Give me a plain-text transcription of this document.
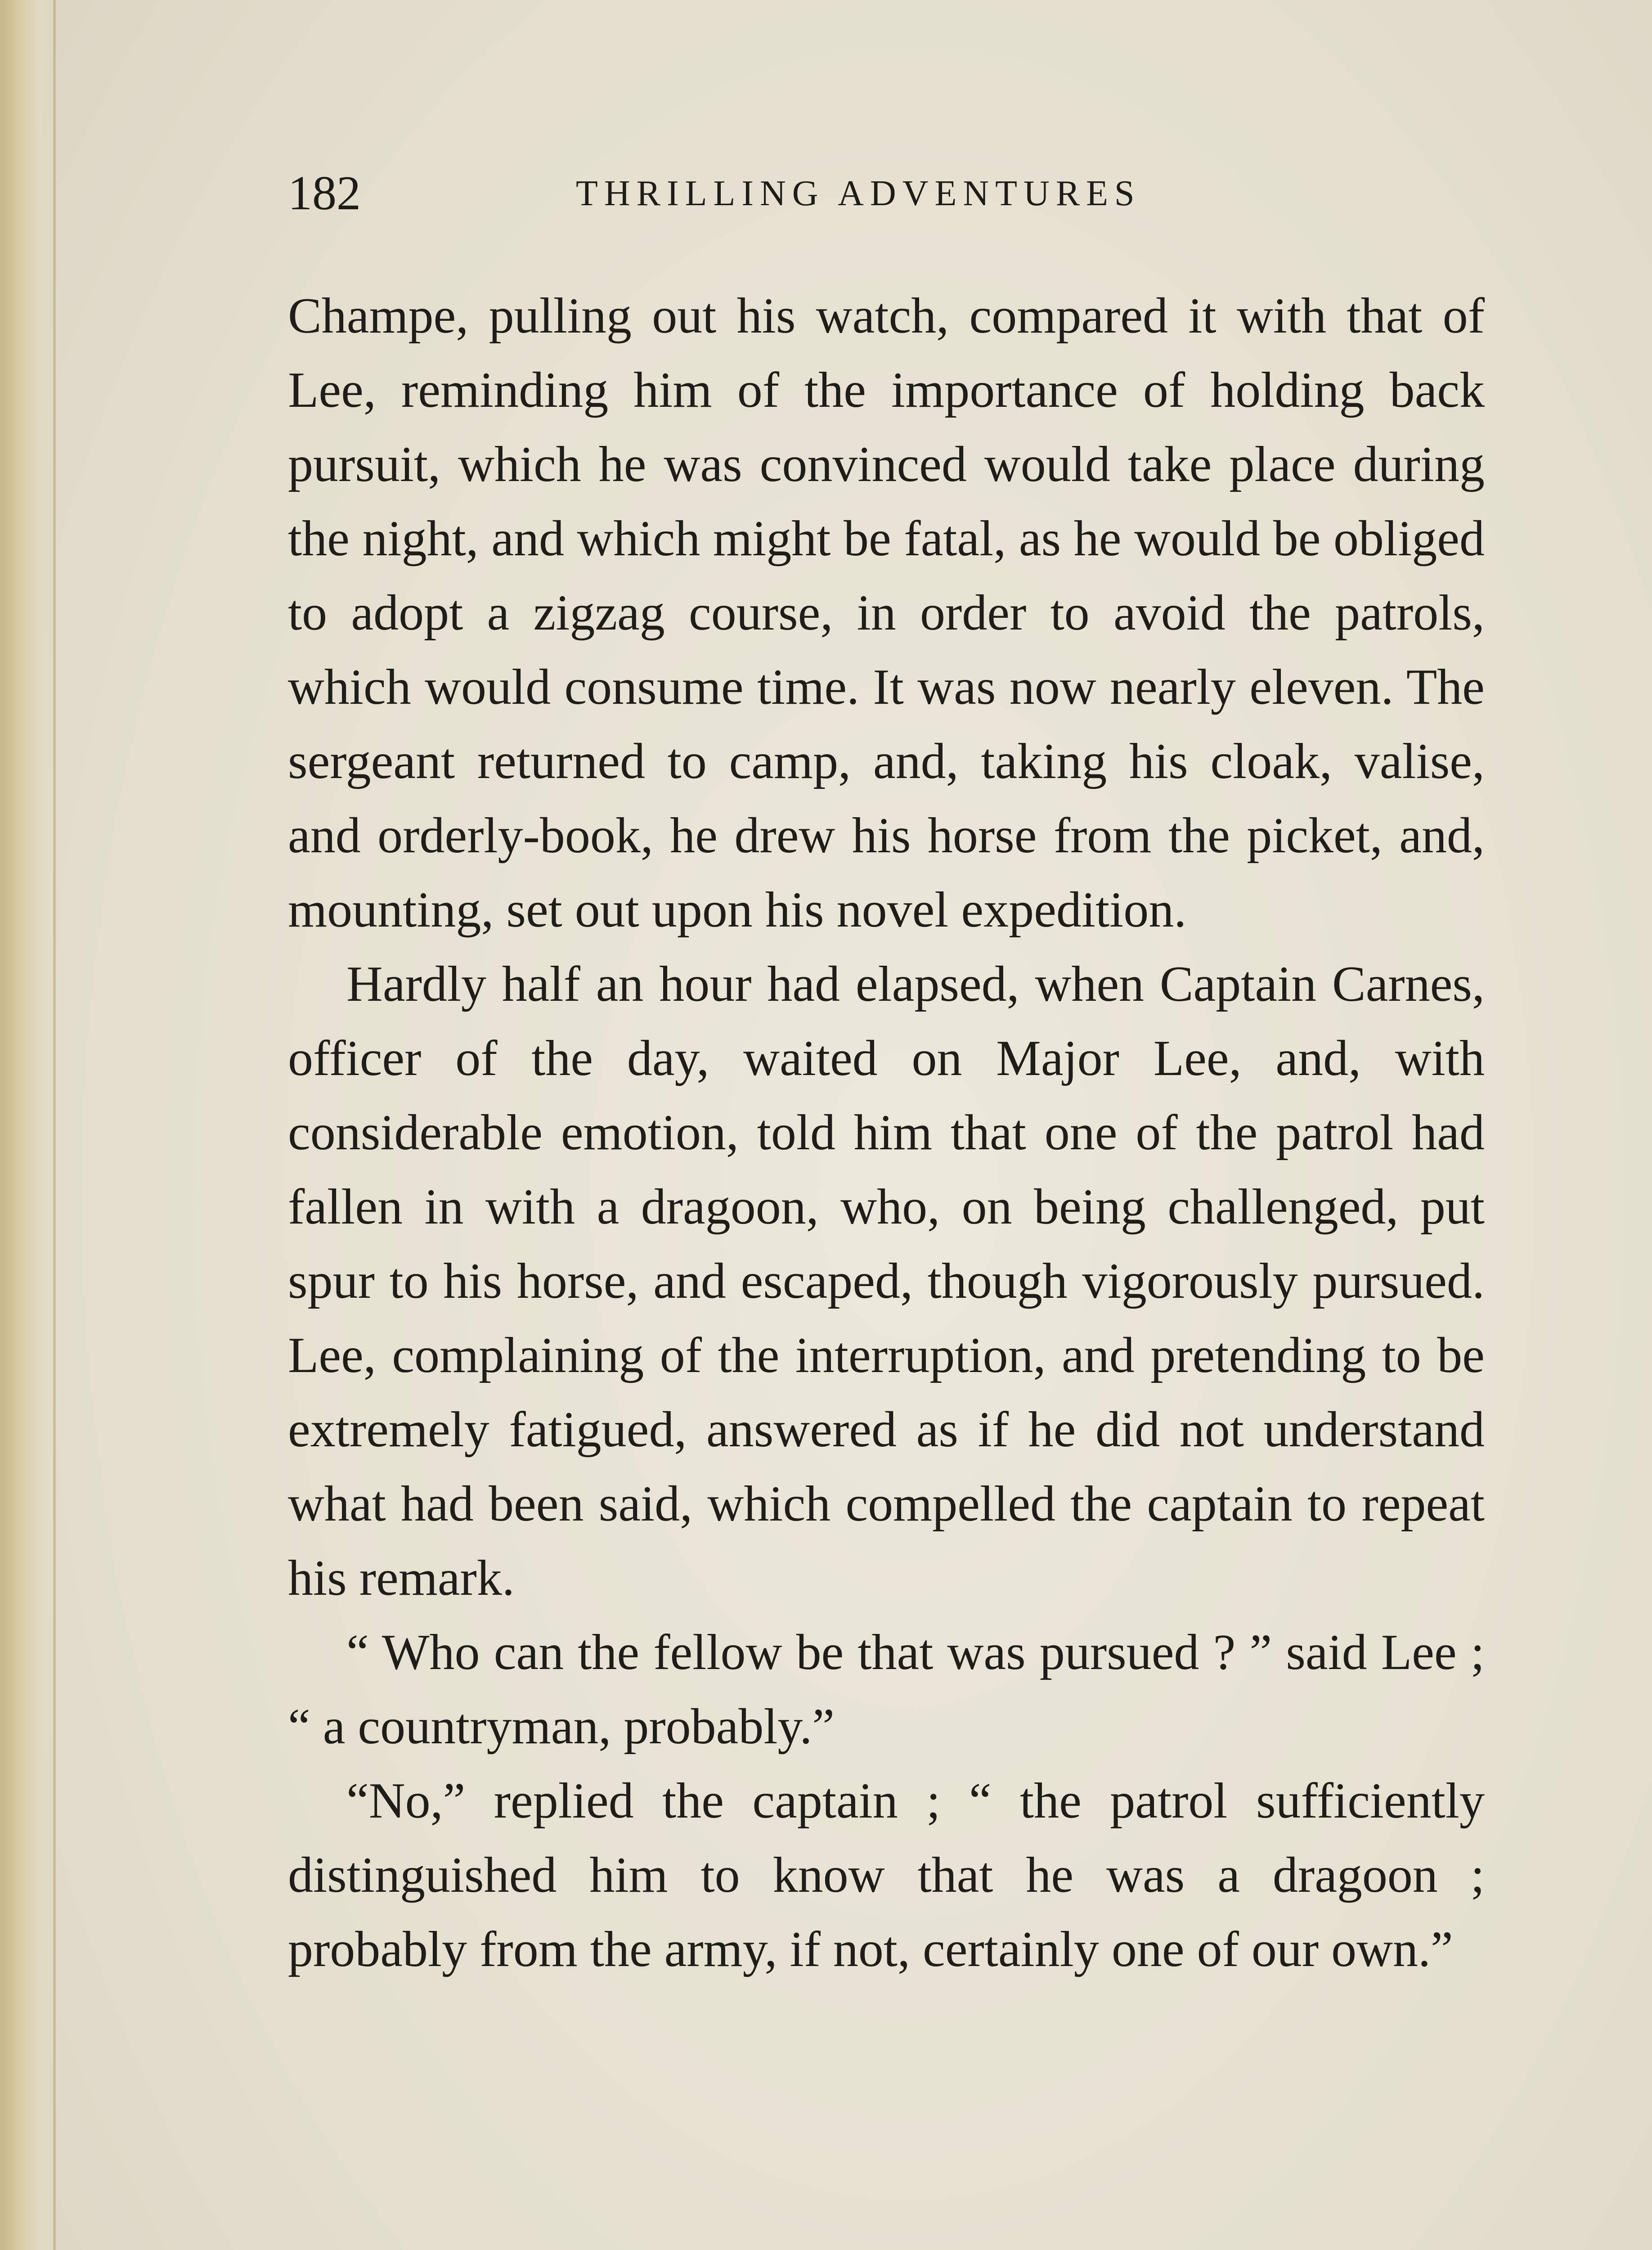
182	THRILLING ADVENTURES

Champe, pulling out his watch, compared it with that of Lee, reminding him of the importance of holding back pursuit, which he was convinced would take place during the night, and which might be fatal, as he would be obliged to adopt a zigzag course, in order to avoid the patrols, which would consume time. It was now nearly eleven. The sergeant returned to camp, and, taking his cloak, valise, and orderly-book, he drew his horse from the picket, and, mounting, set out upon his novel expedition.

Hardly half an hour had elapsed, when Captain Carnes, officer of the day, waited on Major Lee, and, with considerable emotion, told him that one of the patrol had fallen in with a dragoon, who, on being challenged, put spur to his horse, and escaped, though vigorously pursued. Lee, complaining of the interruption, and pretending to be extremely fatigued, answered as if he did not understand what had been said, which compelled the captain to repeat his remark.

“ Who can the fellow be that was pursued ? ” said Lee ; “ a countryman, probably.”

“No,” replied the captain ; “ the patrol sufficiently distinguished him to know that he was a dragoon ; probably from the army, if not, certainly one of our own.”
